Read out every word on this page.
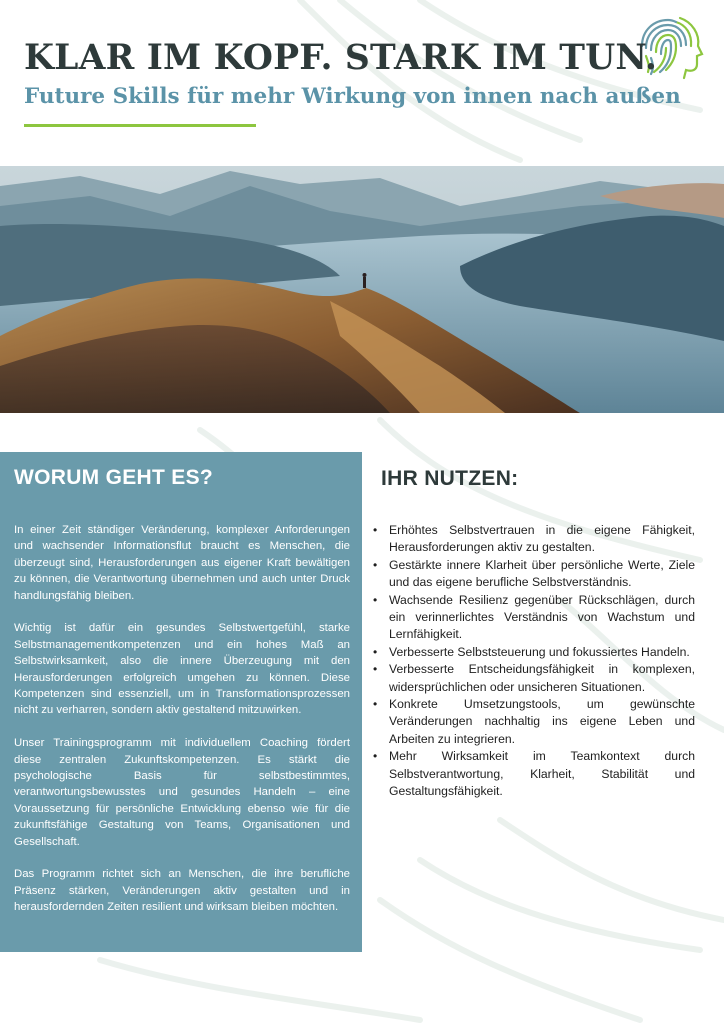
KLAR IM KOPF. STARK IM TUN.
Future Skills für mehr Wirkung von innen nach außen
WORUM GEHT ES?

In einer Zeit ständiger Veränderung, komplexer Anforderungen und wachsender Informationsflut braucht es Menschen, die überzeugt sind, Herausforderungen aus eigener Kraft bewältigen zu können, die Verantwortung übernehmen und auch unter Druck handlungsfähig bleiben.

Wichtig ist dafür ein gesundes Selbstwertgefühl, starke Selbstmanagementkompetenzen und ein hohes Maß an Selbstwirksamkeit, also die innere Überzeugung mit den Herausforderungen erfolgreich umgehen zu können. Diese Kompetenzen sind essenziell, um in Transformationsprozessen nicht zu verharren, sondern aktiv gestaltend mitzuwirken.

Unser Trainingsprogramm mit individuellem Coaching fördert diese zentralen Zukunftskompetenzen. Es stärkt die psychologische Basis für selbstbestimmtes, verantwortungsbewusstes und gesundes Handeln – eine Voraussetzung für persönliche Entwicklung ebenso wie für die zukunftsfähige Gestaltung von Teams, Organisationen und Gesellschaft.

Das Programm richtet sich an Menschen, die ihre berufliche Präsenz stärken, Veränderungen aktiv gestalten und in herausfordernden Zeiten resilient und wirksam bleiben möchten.

IHR NUTZEN:
• Erhöhtes Selbstvertrauen in die eigene Fähigkeit, Herausforderungen aktiv zu gestalten.
• Gestärkte innere Klarheit über persönliche Werte, Ziele und das eigene berufliche Selbstverständnis.
• Wachsende Resilienz gegenüber Rückschlägen, durch ein verinnerlichtes Verständnis von Wachstum und Lernfähigkeit.
• Verbesserte Selbststeuerung und fokussiertes Handeln.
• Verbesserte Entscheidungsfähigkeit in komplexen, widersprüchlichen oder unsicheren Situationen.
• Konkrete Umsetzungstools, um gewünschte Veränderungen nachhaltig ins eigene Leben und Arbeiten zu integrieren.
• Mehr Wirksamkeit im Teamkontext durch Selbstverantwortung, Klarheit, Stabilität und Gestaltungsfähigkeit.
